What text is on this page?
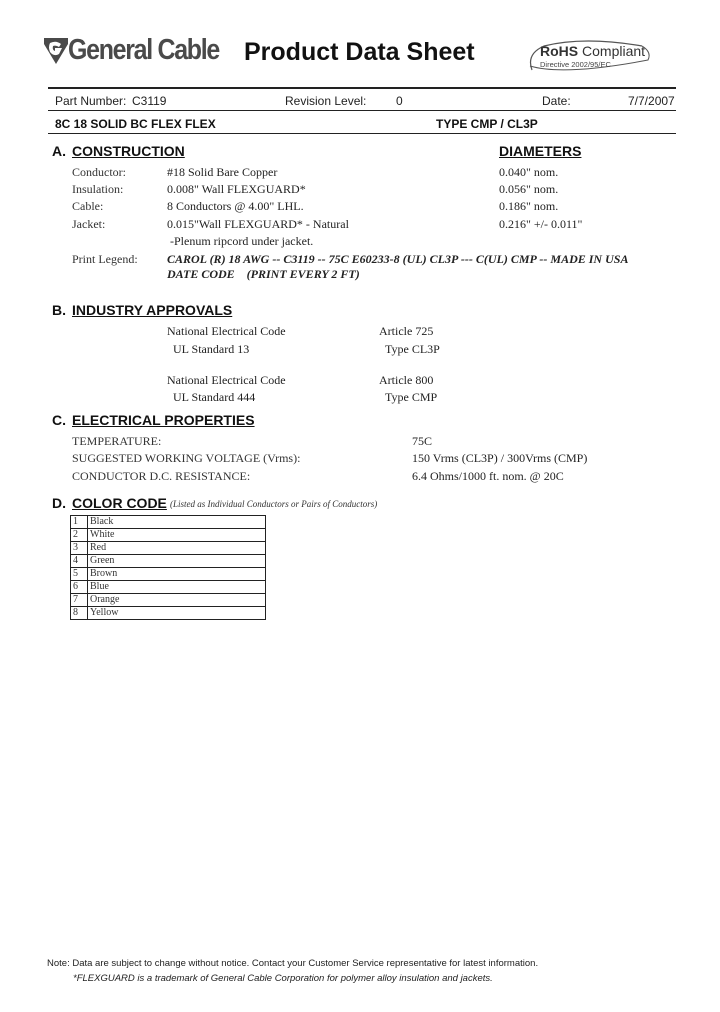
General Cable Product Data Sheet	RoHS Compliant
Directive 2002/95/EC
Part Number: C3119	Revision Level: 0	Date:	7/7/2007
8C 18 SOLID BC FLEX FLEX	TYPE CMP / CL3P
A. CONSTRUCTION	DIAMETERS
Conductor:	#18 Solid Bare Copper	0.040" nom.
Insulation:	0.008" Wall FLEXGUARD*	0.056" nom.
Cable:	8 Conductors @ 4.00" LHL.	0.186" nom.
Jacket:	0.015"Wall FLEXGUARD* - Natural	0.216" +/- 0.011"
-Plenum ripcord under jacket.
Print Legend: CAROL (R) 18 AWG -- C3119 -- 75C E60233-8 (UL) CL3P --- C(UL) CMP -- MADE IN USA
DATE CODE    (PRINT EVERY 2 FT)
B. INDUSTRY APPROVALS
National Electrical Code	Article 725
UL Standard 13	Type CL3P
National Electrical Code	Article 800
UL Standard 444	Type CMP
C. ELECTRICAL PROPERTIES
TEMPERATURE:	75C
SUGGESTED WORKING VOLTAGE (Vrms):	150 Vrms (CL3P) / 300Vrms (CMP)
CONDUCTOR D.C. RESISTANCE:	6.4 Ohms/1000 ft. nom. @ 20C
D. COLOR CODE (Listed as Individual Conductors or Pairs of Conductors)
1	Black
2	White
3	Red
4	Green
5	Brown
6	Blue
7	Orange
8	Yellow
Note: Data are subject to change without notice. Contact your Customer Service representative for latest information.
*FLEXGUARD is a trademark of General Cable Corporation for polymer alloy insulation and jackets.
